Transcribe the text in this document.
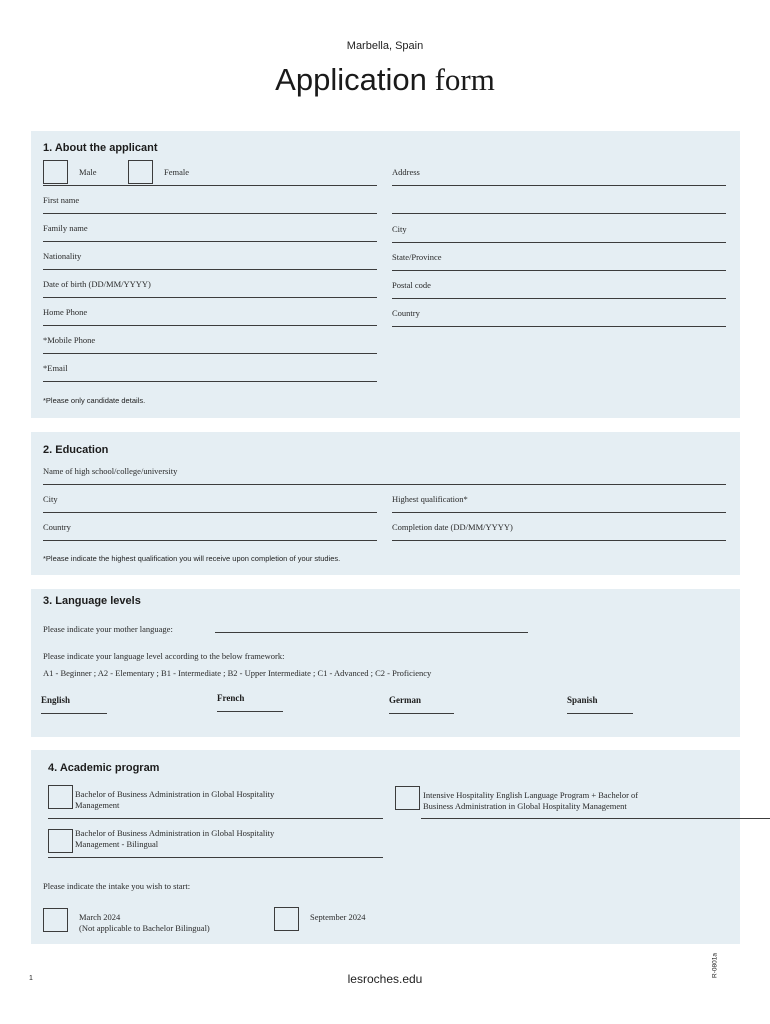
Marbella, Spain
Application form
1. About the applicant
Male	Female
First name
Family name
Nationality
Date of birth (DD/MM/YYYY)
Home Phone
*Mobile Phone
*Email
Address
City
State/Province
Postal code
Country
*Please only candidate details.
2. Education
Name of high school/college/university
City
Country
Highest qualification*
Completion date (DD/MM/YYYY)
*Please indicate the highest qualification you will receive upon completion of your studies.
3. Language levels
Please indicate your mother language:
Please indicate your language level according to the below framework:
A1 - Beginner ; A2 - Elementary ; B1 - Intermediate ; B2 - Upper Intermediate ; C1 - Advanced ; C2 - Proficiency
English	French	German	Spanish
4. Academic program
Bachelor of Business Administration in Global Hospitality
Management
Bachelor of Business Administration in Global Hospitality
Management - Bilingual
Intensive Hospitality English Language Program + Bachelor of
Business Administration in Global Hospitality Management
Please indicate the intake you wish to start:
March 2024
(Not applicable to Bachelor Bilingual)
September 2024
1	lesroches.edu
R-0801a
